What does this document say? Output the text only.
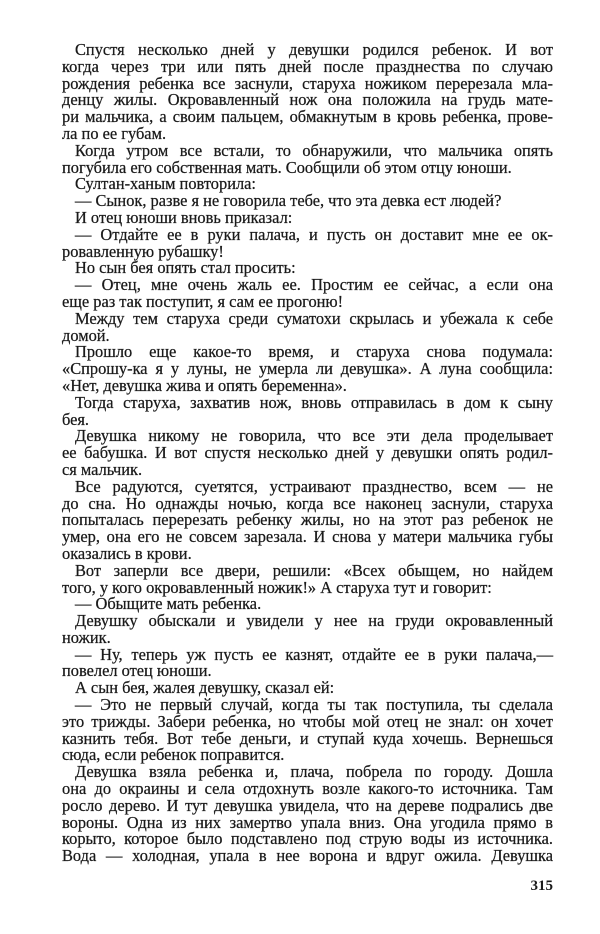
Спустя несколько дней у девушки родился ребенок. И вот
когда через три или пять дней после празднества по случаю
рождения ребенка все заснули, старуха ножиком перерезала мла-
денцу жилы. Окровавленный нож она положила на грудь мате-
ри мальчика, а своим пальцем, обмакнутым в кровь ребенка, прове-
ла по ее губам.
Когда утром все встали, то обнаружили, что мальчика опять
погубила его собственная мать. Сообщили об этом отцу юноши.
Султан-ханым повторила:
— Сынок, разве я не говорила тебе, что эта девка ест людей?
И отец юноши вновь приказал:
— Отдайте ее в руки палача, и пусть он доставит мне ее ок-
ровавленную рубашку!
Но сын бея опять стал просить:
— Отец, мне очень жаль ее. Простим ее сейчас, а если она
еще раз так поступит, я сам ее прогоню!
Между тем старуха среди суматохи скрылась и убежала к себе
домой.
Прошло еще какое-то время, и старуха снова подумала:
«Спрошу-ка я у луны, не умерла ли девушка». А луна сообщила:
«Нет, девушка жива и опять беременна».
Тогда старуха, захватив нож, вновь отправилась в дом к сыну
бея.
Девушка никому не говорила, что все эти дела проделывает
ее бабушка. И вот спустя несколько дней у девушки опять родил-
ся мальчик.
Все радуются, суетятся, устраивают празднество, всем — не
до сна. Но однажды ночью, когда все наконец заснули, старуха
попыталась перерезать ребенку жилы, но на этот раз ребенок не
умер, она его не совсем зарезала. И снова у матери мальчика губы
оказались в крови.
Вот заперли все двери, решили: «Всех обыщем, но найдем
того, у кого окровавленный ножик!» А старуха тут и говорит:
— Обыщите мать ребенка.
Девушку обыскали и увидели у нее на груди окровавленный
ножик.
— Ну, теперь уж пусть ее казнят, отдайте ее в руки палача,—
повелел отец юноши.
А сын бея, жалея девушку, сказал ей:
— Это не первый случай, когда ты так поступила, ты сделала
это трижды. Забери ребенка, но чтобы мой отец не знал: он хочет
казнить тебя. Вот тебе деньги, и ступай куда хочешь. Вернешься
сюда, если ребенок поправится.
Девушка взяла ребенка и, плача, побрела по городу. Дошла
она до окраины и села отдохнуть возле какого-то источника. Там
росло дерево. И тут девушка увидела, что на дереве подрались две
вороны. Одна из них замертво упала вниз. Она угодила прямо в
корыто, которое было подставлено под струю воды из источника.
Вода — холодная, упала в нее ворона и вдруг ожила. Девушка
315
